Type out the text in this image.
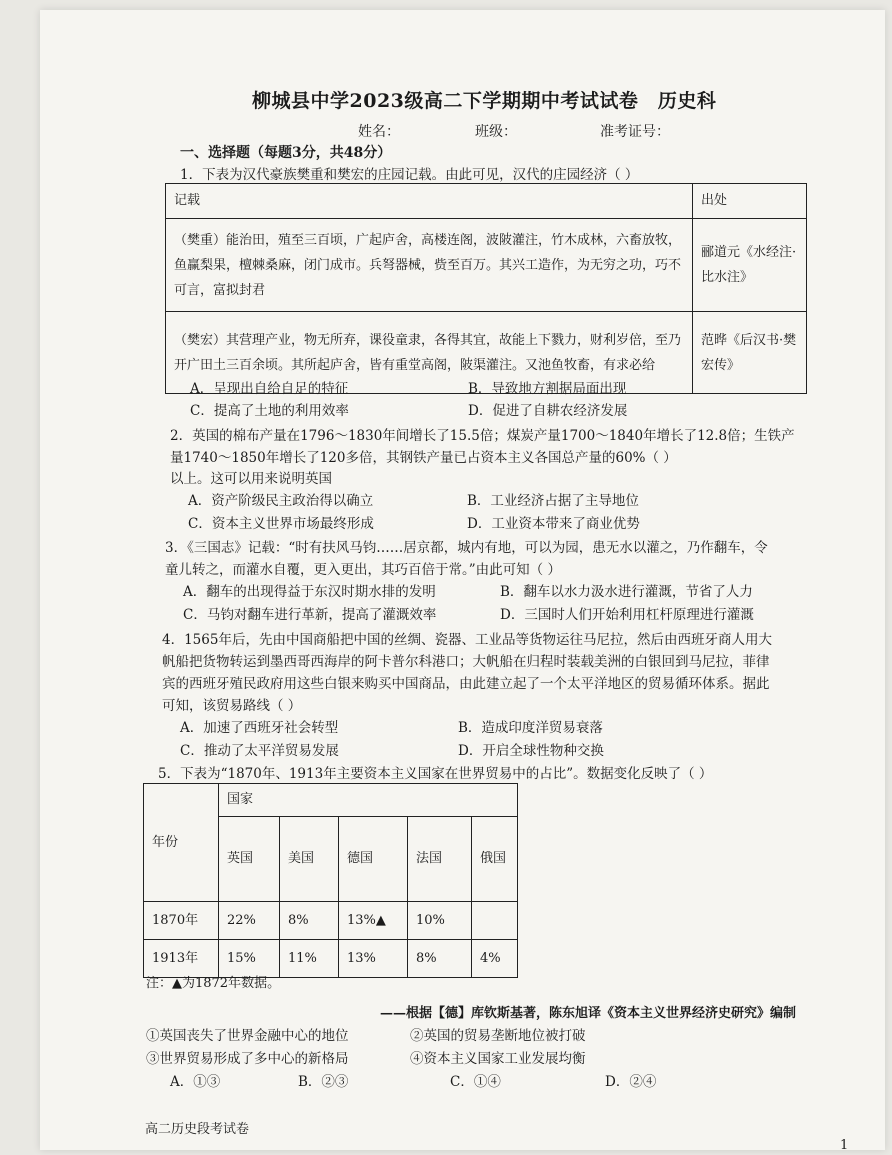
柳城县中学2023级高二下学期期中考试试卷　历史科
姓名：	班级：	准考证号：
一、选择题（每题3分，共48分）
1．下表为汉代豪族樊重和樊宏的庄园记载。由此可见，汉代的庄园经济（ ）
记载	出处
（樊重）能治田，殖至三百顷，广起庐舍，高楼连阁，波陂灌注，竹木成林，六畜放牧，鱼赢梨果，檀棘桑麻，闭门成市。兵弩器械，赀至百万。其兴工造作，为无穷之功，巧不可言，富拟封君	郦道元《水经注·比水注》
（樊宏）其营理产业，物无所弃，课役童隶，各得其宜，故能上下戮力，财利岁倍，至乃开广田土三百余顷。其所起庐舍，皆有重堂高阁，陂渠灌注。又池鱼牧畜，有求必给	范晔《后汉书·樊宏传》
A．呈现出自给自足的特征	B．导致地方割据局面出现
C．提高了土地的利用效率	D．促进了自耕农经济发展
2．英国的棉布产量在1796～1830年间增长了15.5倍；煤炭产量1700～1840年增长了12.8倍；生铁产
量1740～1850年增长了120多倍，其钢铁产量已占资本主义各国总产量的60%（ ）
以上。这可以用来说明英国
A．资产阶级民主政治得以确立	B．工业经济占据了主导地位
C．资本主义世界市场最终形成	D．工业资本带来了商业优势
3．《三国志》记载：“时有扶风马钧……居京都，城内有地，可以为园，患无水以灌之，乃作翻车，令
童儿转之，而灌水自覆，更入更出，其巧百倍于常。”由此可知（ ）
A．翻车的出现得益于东汉时期水排的发明	B．翻车以水力汲水进行灌溉，节省了人力
C．马钧对翻车进行革新，提高了灌溉效率	D．三国时人们开始利用杠杆原理进行灌溉
4．1565年后，先由中国商船把中国的丝绸、瓷器、工业品等货物运往马尼拉，然后由西班牙商人用大
帆船把货物转运到墨西哥西海岸的阿卡普尔科港口；大帆船在归程时装载美洲的白银回到马尼拉，菲律
宾的西班牙殖民政府用这些白银来购买中国商品，由此建立起了一个太平洋地区的贸易循环体系。据此
可知，该贸易路线（ ）
A．加速了西班牙社会转型	B．造成印度洋贸易衰落
C．推动了太平洋贸易发展	D．开启全球性物种交换
5．下表为“1870年、1913年主要资本主义国家在世界贸易中的占比”。数据变化反映了（ ）
年份	国家				
	英国	美国	德国	法国	俄国
1870年	22%	8%	13%▲	10%	
1913年	15%	11%	13%	8%	4%
注：▲为1872年数据。
——根据【德】库钦斯基著，陈东旭译《资本主义世界经济史研究》编制
①英国丧失了世界金融中心的地位	②英国的贸易垄断地位被打破
③世界贸易形成了多中心的新格局	④资本主义国家工业发展均衡
A．①③	B．②③	C．①④	D．②④
高二历史段考试卷
1
